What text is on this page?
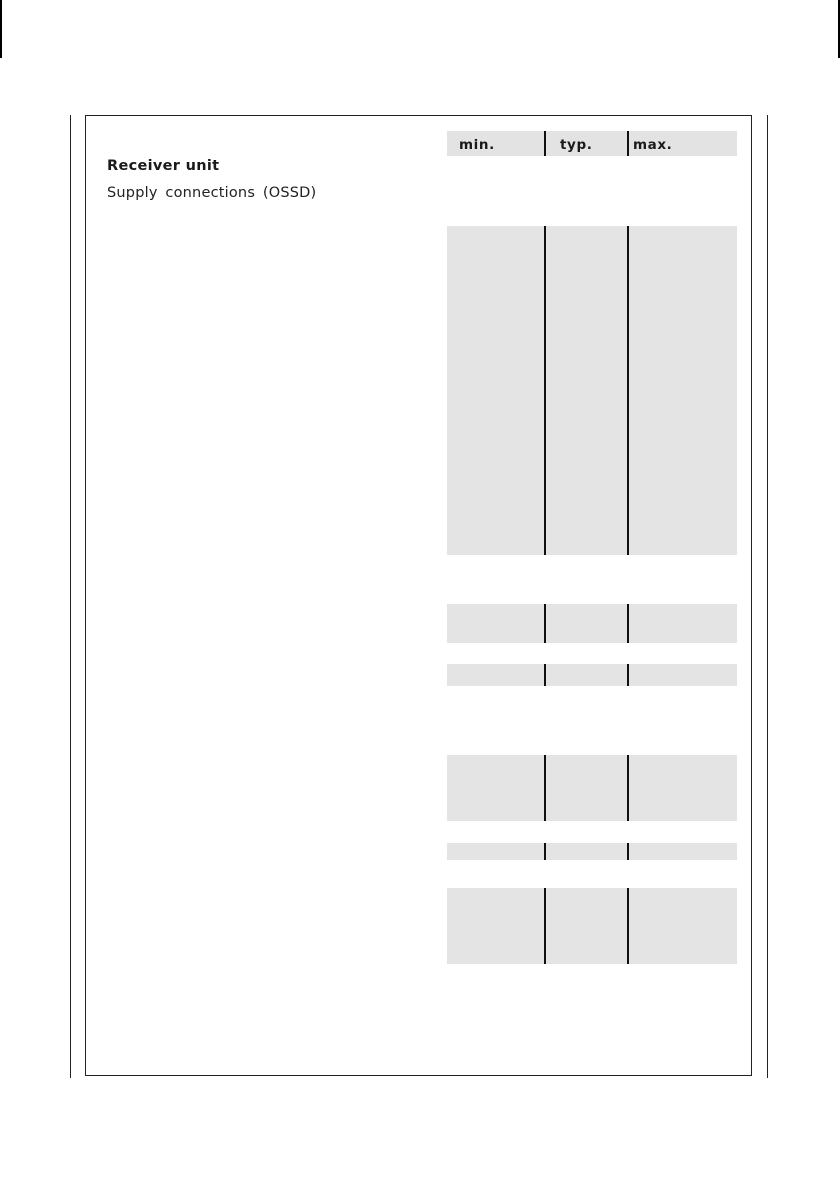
min.	typ.	max.
Receiver unit

Supply connections (OSSD)
